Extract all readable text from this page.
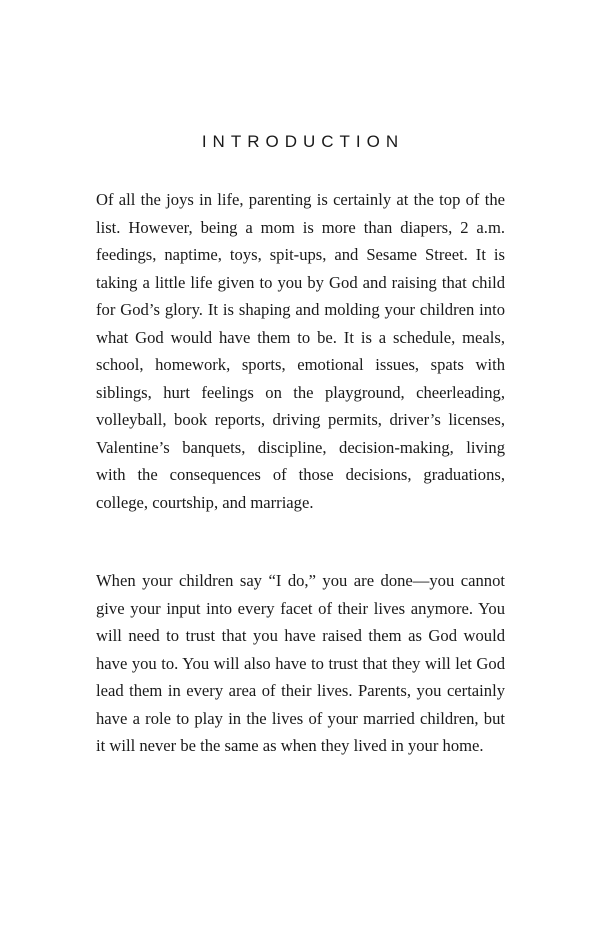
INTRODUCTION

Of all the joys in life, parenting is certainly at the top of the list. However, being a mom is more than diapers, 2 a.m. feedings, naptime, toys, spit-ups, and Sesame Street. It is taking a little life given to you by God and raising that child for God’s glory. It is shaping and molding your children into what God would have them to be. It is a schedule, meals, school, homework, sports, emotional issues, spats with siblings, hurt feelings on the playground, cheerleading, volleyball, book reports, driving permits, driver’s licenses, Valentine’s banquets, discipline, decision-making, living with the consequences of those decisions, graduations, college, courtship, and marriage.

When your children say “I do,” you are done—you cannot give your input into every facet of their lives anymore. You will need to trust that you have raised them as God would have you to. You will also have to trust that they will let God lead them in every area of their lives. Parents, you certainly have a role to play in the lives of your married children, but it will never be the same as when they lived in your home.
